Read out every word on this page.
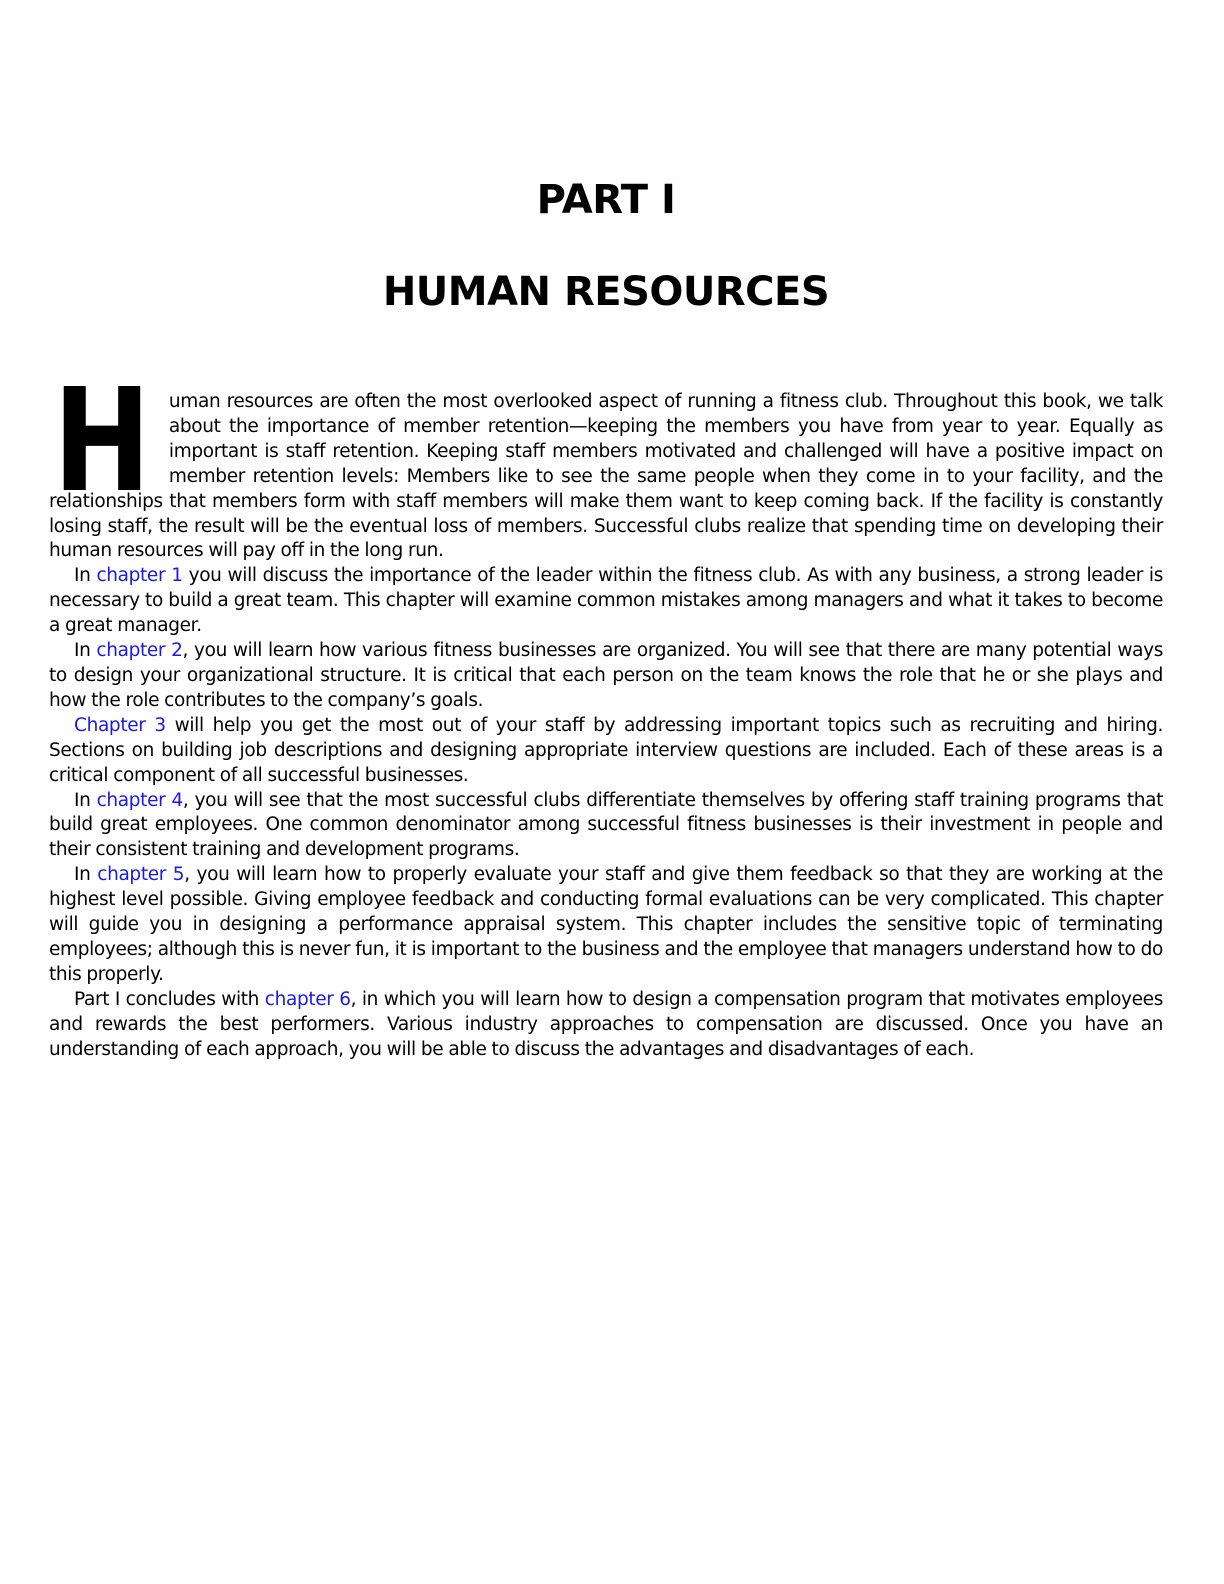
PART I
HUMAN RESOURCES

Human resources are often the most overlooked aspect of running a fitness club. Throughout this book, we talk about the importance of member retention—keeping the members you have from year to year. Equally as important is staff retention. Keeping staff members motivated and challenged will have a positive impact on member retention levels: Members like to see the same people when they come in to your facility, and the relationships that members form with staff members will make them want to keep coming back. If the facility is constantly losing staff, the result will be the eventual loss of members. Successful clubs realize that spending time on developing their human resources will pay off in the long run.

In chapter 1 you will discuss the importance of the leader within the fitness club. As with any business, a strong leader is necessary to build a great team. This chapter will examine common mistakes among managers and what it takes to become a great manager.

In chapter 2, you will learn how various fitness businesses are organized. You will see that there are many potential ways to design your organizational structure. It is critical that each person on the team knows the role that he or she plays and how the role contributes to the company’s goals.

Chapter 3 will help you get the most out of your staff by addressing important topics such as recruiting and hiring. Sections on building job descriptions and designing appropriate interview questions are included. Each of these areas is a critical component of all successful businesses.

In chapter 4, you will see that the most successful clubs differentiate themselves by offering staff training programs that build great employees. One common denominator among successful fitness businesses is their investment in people and their consistent training and development programs.

In chapter 5, you will learn how to properly evaluate your staff and give them feedback so that they are working at the highest level possible. Giving employee feedback and conducting formal evaluations can be very complicated. This chapter will guide you in designing a performance appraisal system. This chapter includes the sensitive topic of terminating employees; although this is never fun, it is important to the business and the employee that managers understand how to do this properly.

Part I concludes with chapter 6, in which you will learn how to design a compensation program that motivates employees and rewards the best performers. Various industry approaches to compensation are discussed. Once you have an understanding of each approach, you will be able to discuss the advantages and disadvantages of each.
